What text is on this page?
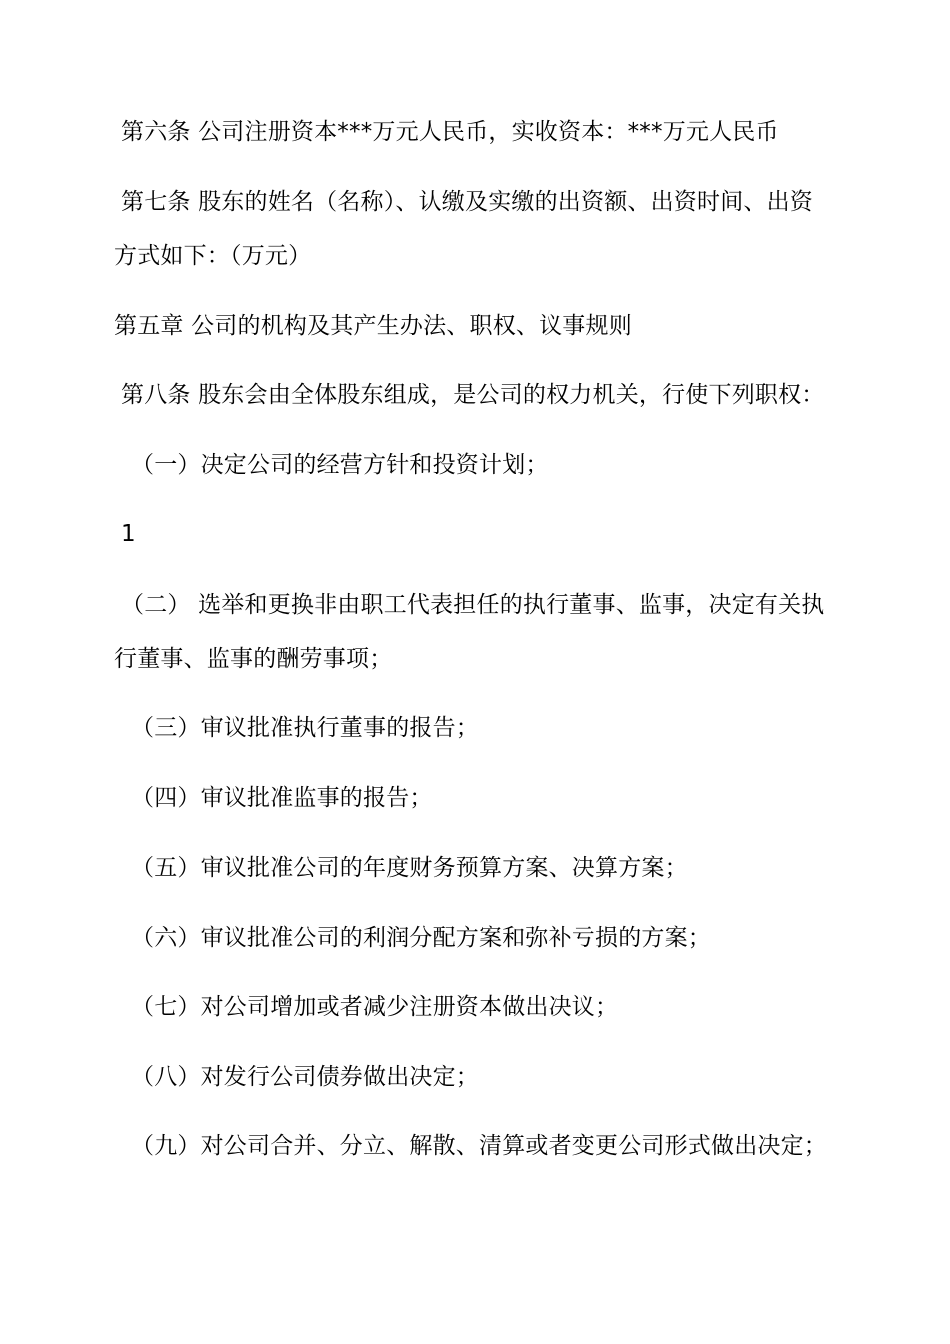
第六条 公司注册资本***万元人民币，实收资本：***万元人民币
第七条 股东的姓名（名称）、认缴及实缴的出资额、出资时间、出资
方式如下：（万元）
第五章 公司的机构及其产生办法、职权、议事规则
第八条 股东会由全体股东组成，是公司的权力机关，行使下列职权：
（一）决定公司的经营方针和投资计划；
1
（二） 选举和更换非由职工代表担任的执行董事、监事，决定有关执
行董事、监事的酬劳事项；
（三）审议批准执行董事的报告；
（四）审议批准监事的报告；
（五）审议批准公司的年度财务预算方案、决算方案；
（六）审议批准公司的利润分配方案和弥补亏损的方案；
（七）对公司增加或者减少注册资本做出决议；
（八）对发行公司债券做出决定；
（九）对公司合并、分立、解散、清算或者变更公司形式做出决定；
